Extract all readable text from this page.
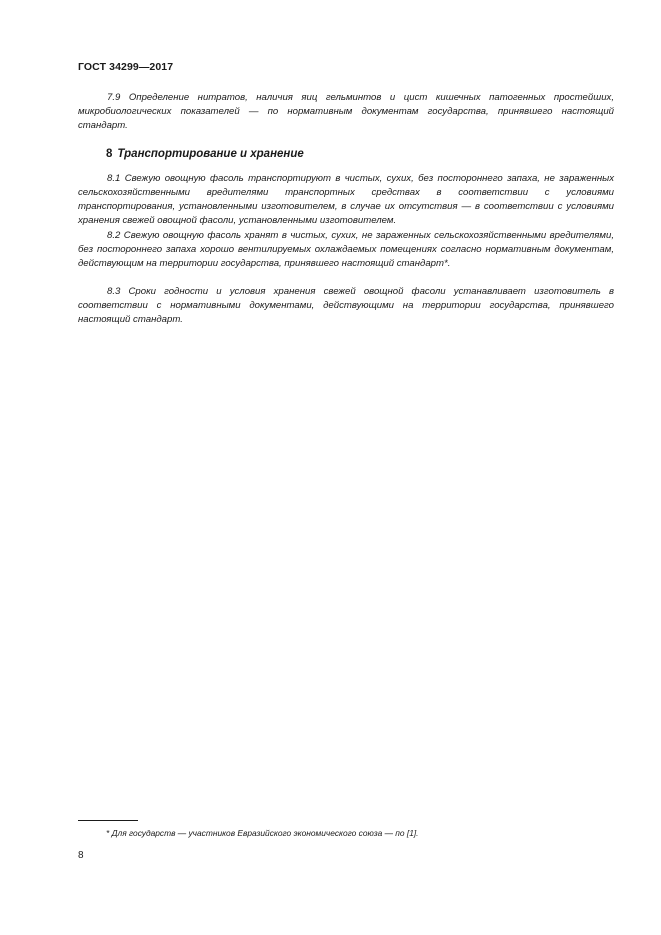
ГОСТ 34299—2017

7.9 Определение нитратов, наличия яиц гельминтов и цист кишечных патогенных простейших, микробиологических показателей — по нормативным документам государства, принявшего настоящий стандарт.

8 Транспортирование и хранение

8.1 Свежую овощную фасоль транспортируют в чистых, сухих, без постороннего запаха, не зараженных сельскохозяйственными вредителями транспортных средствах в соответствии с условиями транспортирования, установленными изготовителем, в случае их отсутствия — в соответствии с условиями хранения свежей овощной фасоли, установленными изготовителем.

8.2 Свежую овощную фасоль хранят в чистых, сухих, не зараженных сельскохозяйственными вредителями, без постороннего запаха хорошо вентилируемых охлаждаемых помещениях согласно нормативным документам, действующим на территории государства, принявшего настоящий стандарт*.

8.3 Сроки годности и условия хранения свежей овощной фасоли устанавливает изготовитель в соответствии с нормативными документами, действующими на территории государства, принявшего настоящий стандарт.

* Для государств — участников Евразийского экономического союза — по [1].
8
